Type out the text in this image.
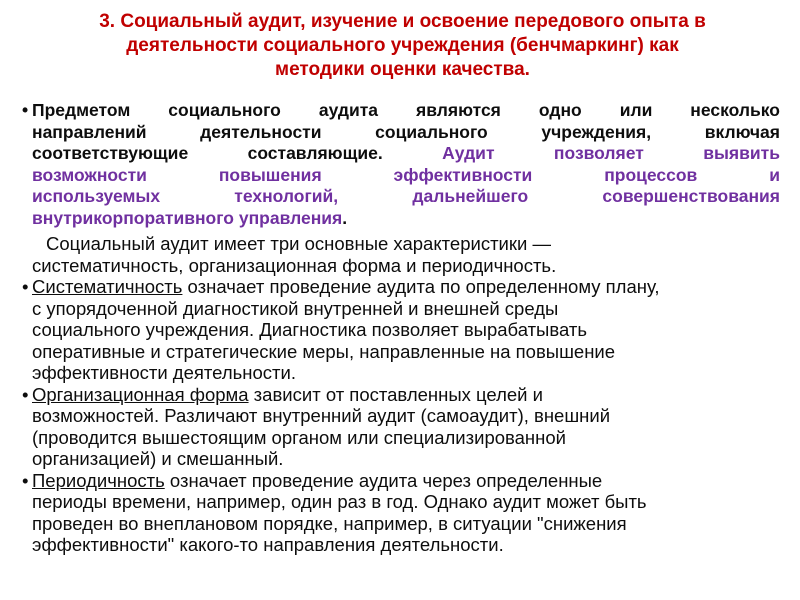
3. Социальный аудит, изучение и освоение передового опыта в
деятельности социального учреждения (бенчмаркинг) как
методики оценки качества.
• Предметом социального аудита являются одно или несколько
направлений деятельности социального учреждения, включая
соответствующие составляющие. Аудит позволяет выявить
возможности повышения эффективности процессов и
используемых технологий, дальнейшего совершенствования
внутрикорпоративного управления.
Социальный аудит имеет три основные характеристики —
систематичность, организационная форма и периодичность.
• Систематичность означает проведение аудита по определенному плану,
с упорядоченной диагностикой внутренней и внешней среды
социального учреждения. Диагностика позволяет вырабатывать
оперативные и стратегические меры, направленные на повышение
эффективности деятельности.
• Организационная форма зависит от поставленных целей и
возможностей. Различают внутренний аудит (самоаудит), внешний
(проводится вышестоящим органом или специализированной
организацией) и смешанный.
• Периодичность означает проведение аудита через определенные
периоды времени, например, один раз в год. Однако аудит может быть
проведен во внеплановом порядке, например, в ситуации "снижения
эффективности" какого-то направления деятельности.
